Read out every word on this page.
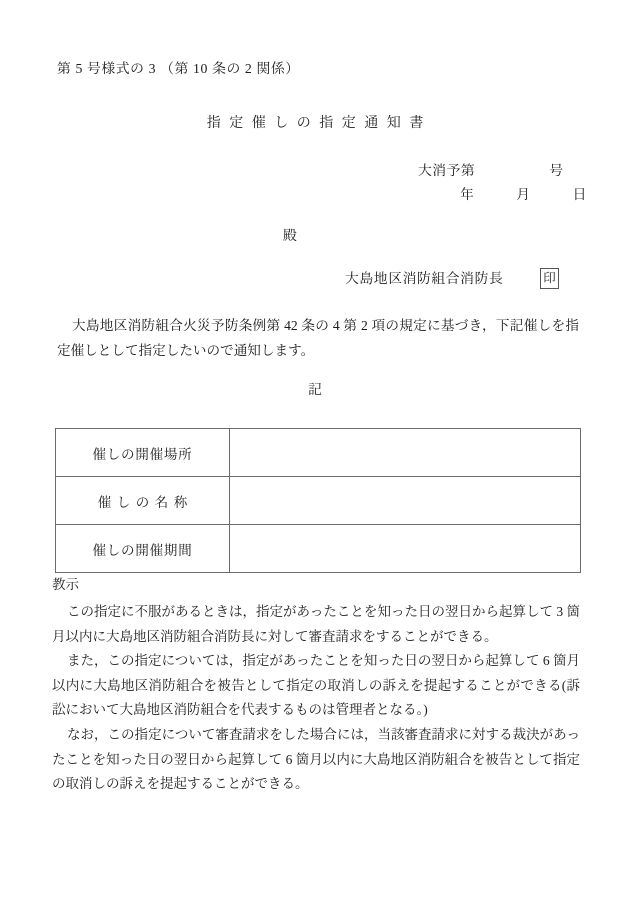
第 5 号様式の 3 （第 10 条の 2 関係）
指定催しの指定通知書
大消予第	号
年	月	日
殿
大島地区消防組合消防長	印
大島地区消防組合火災予防条例第 42 条の 4 第 2 項の規定に基づき，下記催しを指定催しとして指定したいので通知します。
記
催しの開催場所	
催しの名称	
催しの開催期間	
教示

この指定に不服があるときは，指定があったことを知った日の翌日から起算して 3 箇月以内に大島地区消防組合消防長に対して審査請求をすることができる。

また，この指定については，指定があったことを知った日の翌日から起算して 6 箇月以内に大島地区消防組合を被告として指定の取消しの訴えを提起することができる(訴訟において大島地区消防組合を代表するものは管理者となる。)

なお，この指定について審査請求をした場合には，当該審査請求に対する裁決があったことを知った日の翌日から起算して 6 箇月以内に大島地区消防組合を被告として指定の取消しの訴えを提起することができる。
